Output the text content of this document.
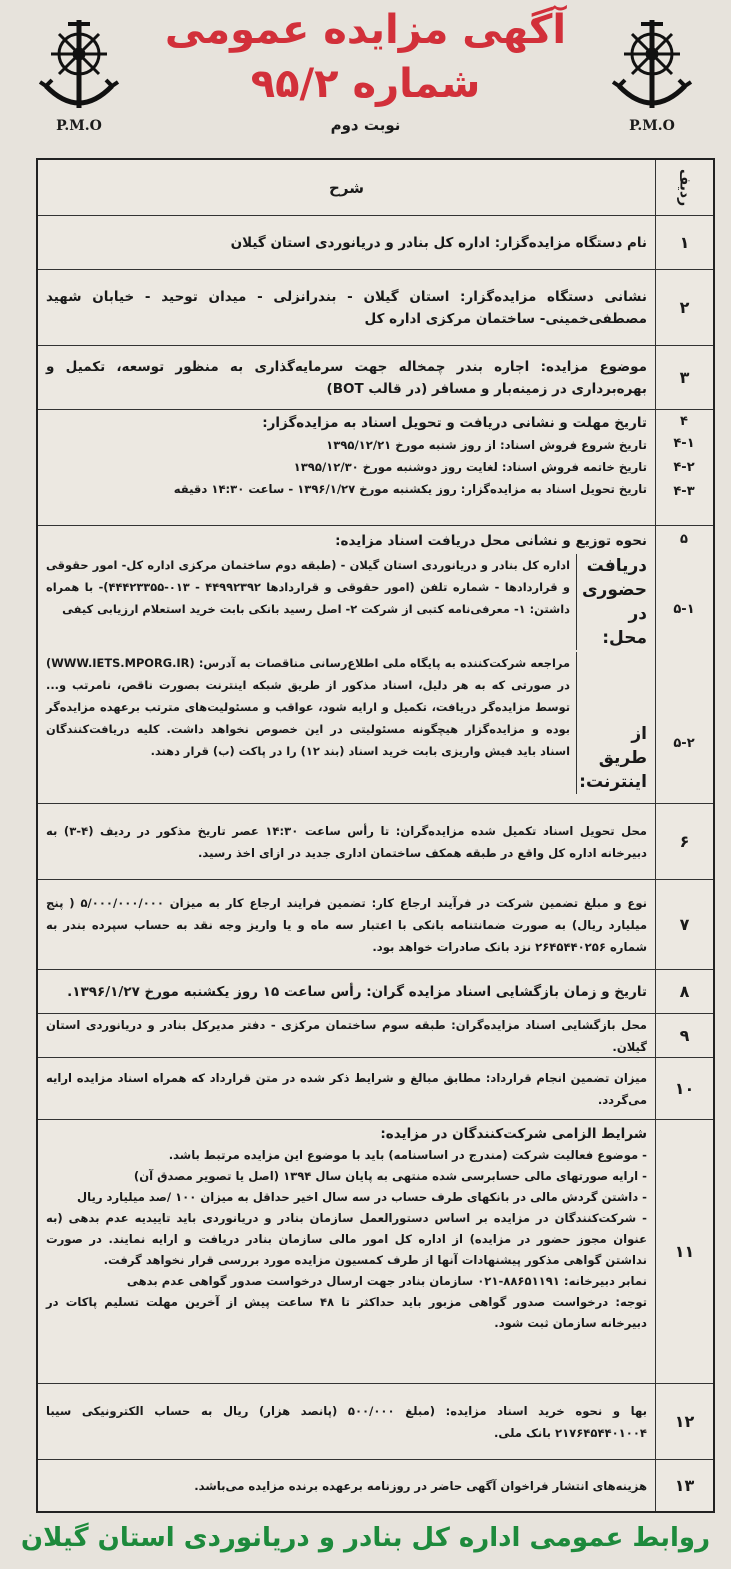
P.M.O	P.M.O
آگهی مزایده عمومی
شماره ۹۵/۲
نوبت دوم
ردیف
شرح
۱

نام دستگاه مزایده‌گزار: اداره کل بنادر و دریانوردی استان گیلان

۲

نشانی دستگاه مزایده‌گزار: استان گیلان - بندرانزلی - میدان توحید - خیابان شهید مصطفی‌خمینی- ساختمان مرکزی اداره کل

۳

موضوع مزایده: اجاره بندر چمخاله جهت سرمایه‌گذاری به منظور توسعه، تکمیل و بهره‌برداری در زمینه‌بار و مسافر (در قالب BOT)

۴
۴-۱
۴-۲
۴-۳

تاریخ مهلت و نشانی دریافت و تحویل اسناد به مزایده‌گزار:

تاریخ شروع فروش اسناد: از روز شنبه مورخ ۱۳۹۵/۱۲/۲۱

تاریخ خاتمه فروش اسناد: لغایت روز دوشنبه مورخ ۱۳۹۵/۱۲/۳۰

تاریخ تحویل اسناد به مزایده‌گزار: روز یکشنبه مورخ ۱۳۹۶/۱/۲۷ - ساعت ۱۴:۳۰ دقیقه

۵
۵-۱
۵-۲

نحوه توزیع و نشانی محل دریافت اسناد مزایده:

دریافت حضوری در محل:
اداره کل بنادر و دریانوردی استان گیلان - (طبقه دوم ساختمان مرکزی اداره کل- امور حقوقی و قراردادها - شماره تلفن (امور حقوقی و قراردادها ۴۴۹۹۲۳۹۲ - ۰۱۳-۴۴۴۲۳۳۵۵)- با همراه داشتن: ۱- معرفی‌نامه کتبی از شرکت ۲- اصل رسید بانکی بابت خرید استعلام ارزیابی کیفی
از طریق اینترنت:
مراجعه شرکت‌کننده به پایگاه ملی اطلاع‌رسانی مناقصات به آدرس: (WWW.IETS.MPORG.IR) در صورتی که به هر دلیل، اسناد مذکور از طریق شبکه اینترنت بصورت ناقص، نامرتب و... توسط مزایده‌گر دریافت، تکمیل و ارایه شود، عواقب و مسئولیت‌های مترتب برعهده مزایده‌گر بوده و مزایده‌گزار هیچگونه مسئولیتی در این خصوص نخواهد داشت. کلیه دریافت‌کنندگان اسناد باید فیش واریزی بابت خرید اسناد (بند ۱۲) را در پاکت (ب) قرار دهند.
۶

محل تحویل اسناد تکمیل شده مزایده‌گران: تا رأس ساعت ۱۴:۳۰ عصر تاریخ مذکور در ردیف (۴-۳) به دبیرخانه اداره کل واقع در طبقه همکف ساختمان اداری جدید در ازای اخذ رسید.

۷

نوع و مبلغ تضمین شرکت در فرآیند ارجاع کار: تضمین فرایند ارجاع کار به میزان ۵/۰۰۰/۰۰۰/۰۰۰ ( پنج میلیارد ریال) به صورت ضمانتنامه بانکی با اعتبار سه ماه و یا واریز وجه نقد به حساب سپرده بندر به شماره ۲۶۴۵۴۴۰۲۵۶ نزد بانک صادرات خواهد بود.

۸

تاریخ و زمان بازگشایی اسناد مزایده گران: رأس ساعت ۱۵ روز یکشنبه مورخ ۱۳۹۶/۱/۲۷.

۹

محل بازگشایی اسناد مزایده‌گران: طبقه سوم ساختمان مرکزی - دفتر مدیرکل بنادر و دریانوردی استان گیلان.

۱۰

میزان تضمین انجام قرارداد: مطابق مبالغ و شرایط ذکر شده در متن قرارداد که همراه اسناد مزایده ارایه می‌گردد.

۱۱

شرایط الزامی شرکت‌کنندگان در مزایده:

- موضوع فعالیت شرکت (مندرج در اساسنامه) باید با موضوع این مزایده مرتبط باشد.

- ارایه صورتهای مالی حسابرسی شده منتهی به پایان سال ۱۳۹۴ (اصل یا تصویر مصدق آن)

- داشتن گردش مالی در بانکهای طرف حساب در سه سال اخیر حداقل به میزان ۱۰۰ /صد میلیارد ریال

- شرکت‌کنندگان در مزایده بر اساس دستورالعمل سازمان بنادر و دریانوردی باید تاییدیه عدم بدهی (به عنوان مجوز حضور در مزایده) از اداره کل امور مالی سازمان بنادر دریافت و ارایه نمایند. در صورت نداشتن گواهی مذکور پیشنهادات آنها از طرف کمسیون مزایده مورد بررسی قرار نخواهد گرفت.

نمابر دبیرخانه: ۸۸۶۵۱۱۹۱-۰۲۱ سازمان بنادر جهت ارسال درخواست صدور گواهی عدم بدهی

توجه: درخواست صدور گواهی مزبور باید حداکثر تا ۴۸ ساعت پیش از آخرین مهلت تسلیم پاکات در دبیرخانه سازمان ثبت شود.

۱۲

بها و نحوه خرید اسناد مزایده: (مبلغ ۵۰۰/۰۰۰ (پانصد هزار) ریال به حساب الکترونیکی سیبا ۲۱۷۶۴۵۴۴۰۱۰۰۴ بانک ملی.

۱۳

هزینه‌های انتشار فراخوان آگهی حاضر در روزنامه برعهده برنده مزایده می‌باشد.

روابط عمومی اداره کل بنادر و دریانوردی استان گیلان
